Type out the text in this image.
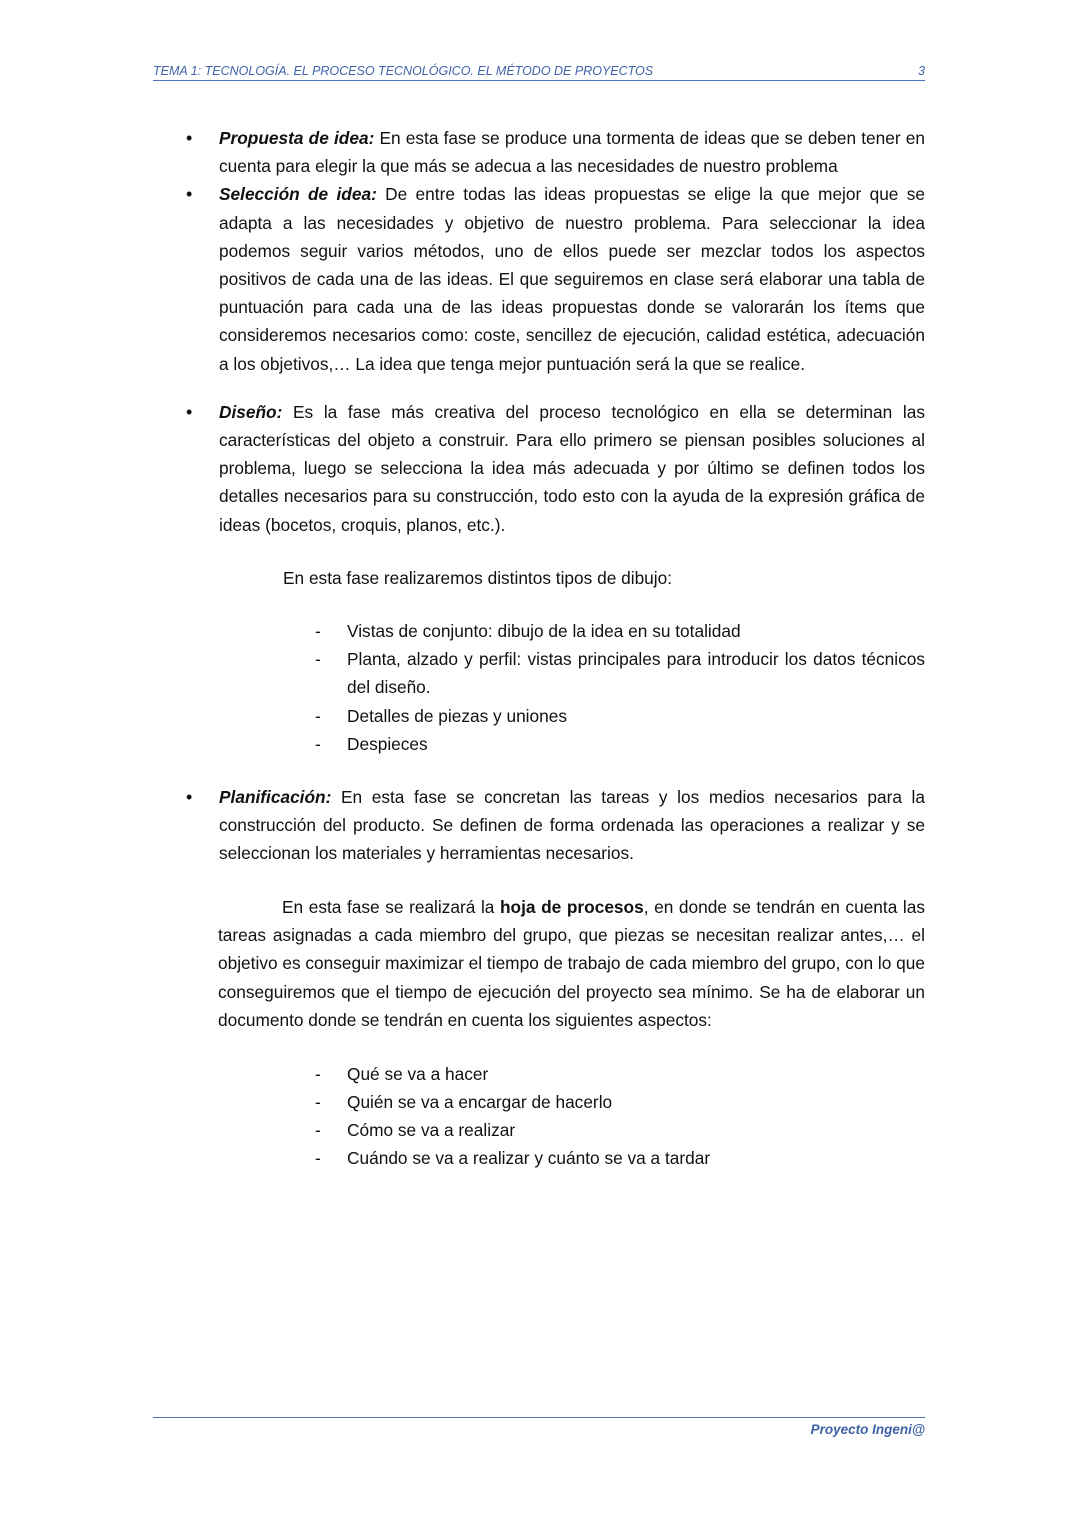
TEMA 1: TECNOLOGÍA. EL PROCESO TECNOLÓGICO. EL MÉTODO DE PROYECTOS	3

• Propuesta de idea: En esta fase se produce una tormenta de ideas que se deben tener en cuenta para elegir la que más se adecua a las necesidades de nuestro problema

• Selección de idea: De entre todas las ideas propuestas se elige la que mejor que se adapta a las necesidades y objetivo de nuestro problema. Para seleccionar la idea podemos seguir varios métodos, uno de ellos puede ser mezclar todos los aspectos positivos de cada una de las ideas. El que seguiremos en clase será elaborar una tabla de puntuación para cada una de las ideas propuestas donde se valorarán los ítems que consideremos necesarios como: coste, sencillez de ejecución, calidad estética, adecuación a los objetivos,… La idea que tenga mejor puntuación será la que se realice.

• Diseño: Es la fase más creativa del proceso tecnológico en ella se determinan las características del objeto a construir. Para ello primero se piensan posibles soluciones al problema, luego se selecciona la idea más adecuada y por último se definen todos los detalles necesarios para su construcción, todo esto con la ayuda de la expresión gráfica de ideas (bocetos, croquis, planos, etc.).

En esta fase realizaremos distintos tipos de dibujo:

- Vistas de conjunto: dibujo de la idea en su totalidad
- Planta, alzado y perfil: vistas principales para introducir los datos técnicos del diseño.
- Detalles de piezas y uniones
- Despieces

• Planificación: En esta fase se concretan las tareas y los medios necesarios para la construcción del producto. Se definen de forma ordenada las operaciones a realizar y se seleccionan los materiales y herramientas necesarios.

En esta fase se realizará la hoja de procesos, en donde se tendrán en cuenta las tareas asignadas a cada miembro del grupo, que piezas se necesitan realizar antes,… el objetivo es conseguir maximizar el tiempo de trabajo de cada miembro del grupo, con lo que conseguiremos que el tiempo de ejecución del proyecto sea mínimo. Se ha de elaborar un documento donde se tendrán en cuenta los siguientes aspectos:

- Qué se va a hacer
- Quién se va a encargar de hacerlo
- Cómo se va a realizar
- Cuándo se va a realizar y cuánto se va a tardar
Proyecto Ingeni@
